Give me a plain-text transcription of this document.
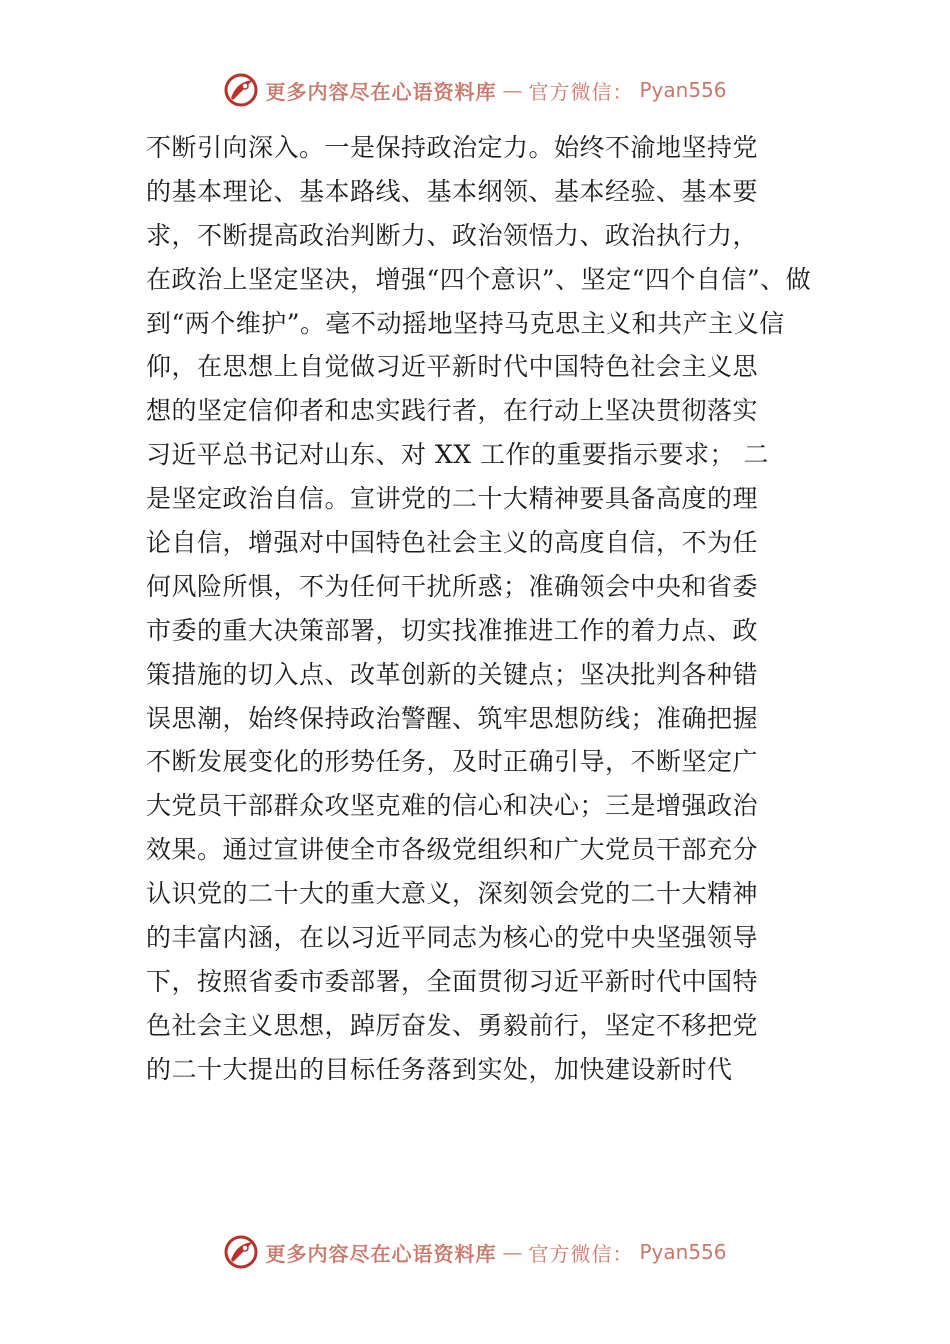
更多内容尽在心语资料库 — 官方微信： Pyan556
不断引向深入。一是保持政治定力。始终不渝地坚持党
的基本理论、基本路线、基本纲领、基本经验、基本要
求，不断提高政治判断力、政治领悟力、政治执行力，
在政治上坚定坚决，增强“四个意识”、坚定“四个自信”、做
到“两个维护”。毫不动摇地坚持马克思主义和共产主义信
仰，在思想上自觉做习近平新时代中国特色社会主义思
想的坚定信仰者和忠实践行者，在行动上坚决贯彻落实
习近平总书记对山东、对 XX 工作的重要指示要求； 二
是坚定政治自信。宣讲党的二十大精神要具备高度的理
论自信，增强对中国特色社会主义的高度自信，不为任
何风险所惧，不为任何干扰所惑；准确领会中央和省委
市委的重大决策部署，切实找准推进工作的着力点、政
策措施的切入点、改革创新的关键点；坚决批判各种错
误思潮，始终保持政治警醒、筑牢思想防线；准确把握
不断发展变化的形势任务，及时正确引导，不断坚定广
大党员干部群众攻坚克难的信心和决心；三是增强政治
效果。通过宣讲使全市各级党组织和广大党员干部充分
认识党的二十大的重大意义，深刻领会党的二十大精神
的丰富内涵，在以习近平同志为核心的党中央坚强领导
下，按照省委市委部署，全面贯彻习近平新时代中国特
色社会主义思想，踔厉奋发、勇毅前行，坚定不移把党
的二十大提出的目标任务落到实处，加快建设新时代
更多内容尽在心语资料库 — 官方微信： Pyan556
